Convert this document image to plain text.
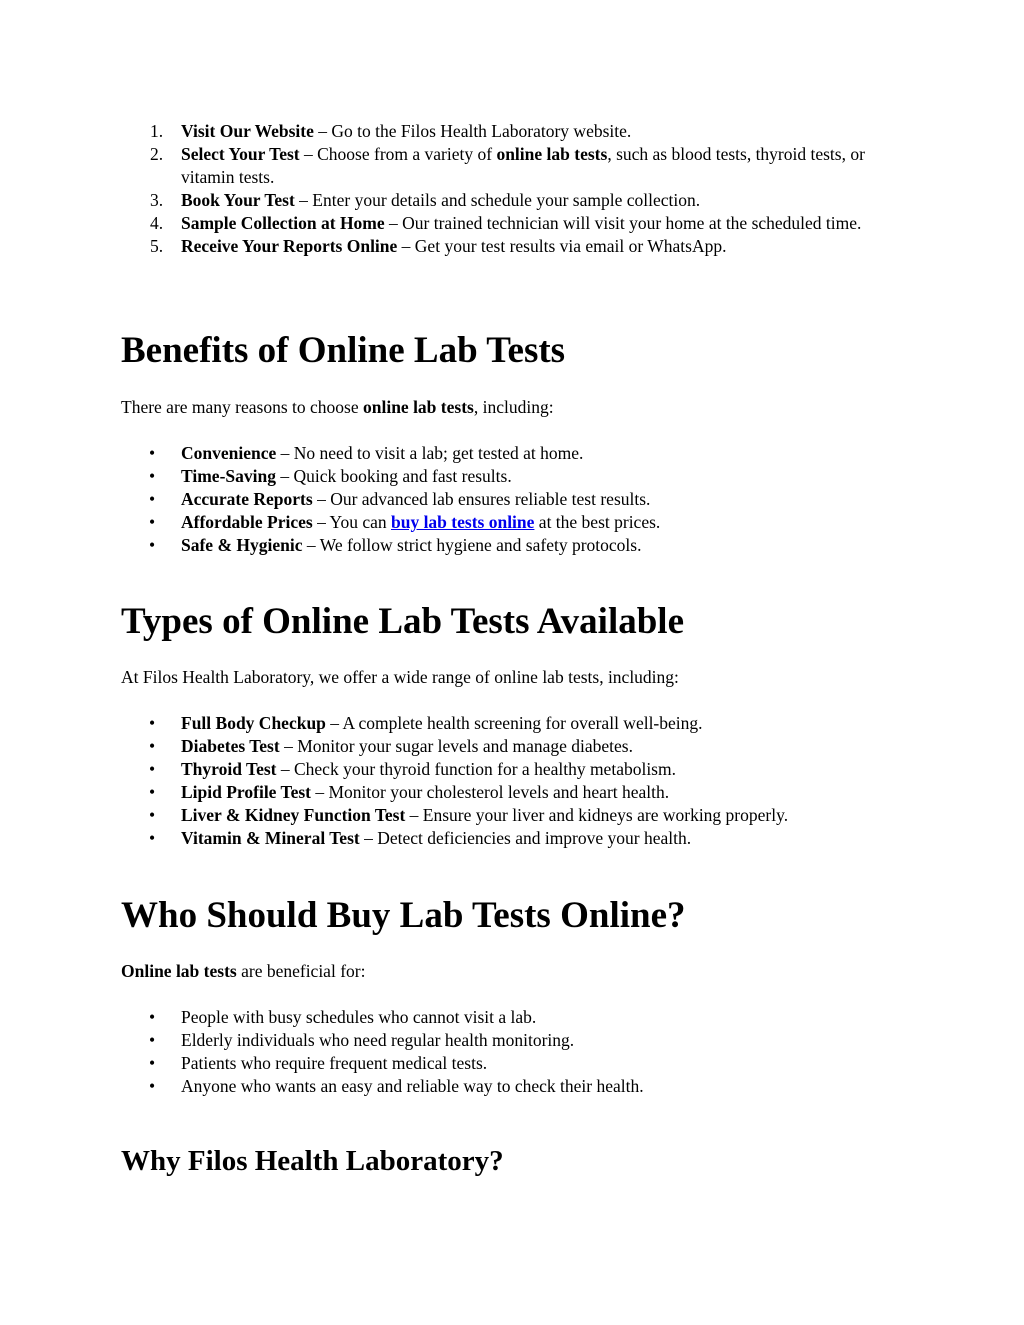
1. Visit Our Website – Go to the Filos Health Laboratory website.
2. Select Your Test – Choose from a variety of online lab tests, such as blood tests, thyroid tests, or vitamin tests.
3. Book Your Test – Enter your details and schedule your sample collection.
4. Sample Collection at Home – Our trained technician will visit your home at the scheduled time.
5. Receive Your Reports Online – Get your test results via email or WhatsApp.
Benefits of Online Lab Tests

There are many reasons to choose online lab tests, including:

• Convenience – No need to visit a lab; get tested at home.
• Time-Saving – Quick booking and fast results.
• Accurate Reports – Our advanced lab ensures reliable test results.
• Affordable Prices – You can buy lab tests online at the best prices.
• Safe & Hygienic – We follow strict hygiene and safety protocols.
Types of Online Lab Tests Available

At Filos Health Laboratory, we offer a wide range of online lab tests, including:

• Full Body Checkup – A complete health screening for overall well-being.
• Diabetes Test – Monitor your sugar levels and manage diabetes.
• Thyroid Test – Check your thyroid function for a healthy metabolism.
• Lipid Profile Test – Monitor your cholesterol levels and heart health.
• Liver & Kidney Function Test – Ensure your liver and kidneys are working properly.
• Vitamin & Mineral Test – Detect deficiencies and improve your health.
Who Should Buy Lab Tests Online?

Online lab tests are beneficial for:

• People with busy schedules who cannot visit a lab.
• Elderly individuals who need regular health monitoring.
• Patients who require frequent medical tests.
• Anyone who wants an easy and reliable way to check their health.
Why Filos Health Laboratory?
